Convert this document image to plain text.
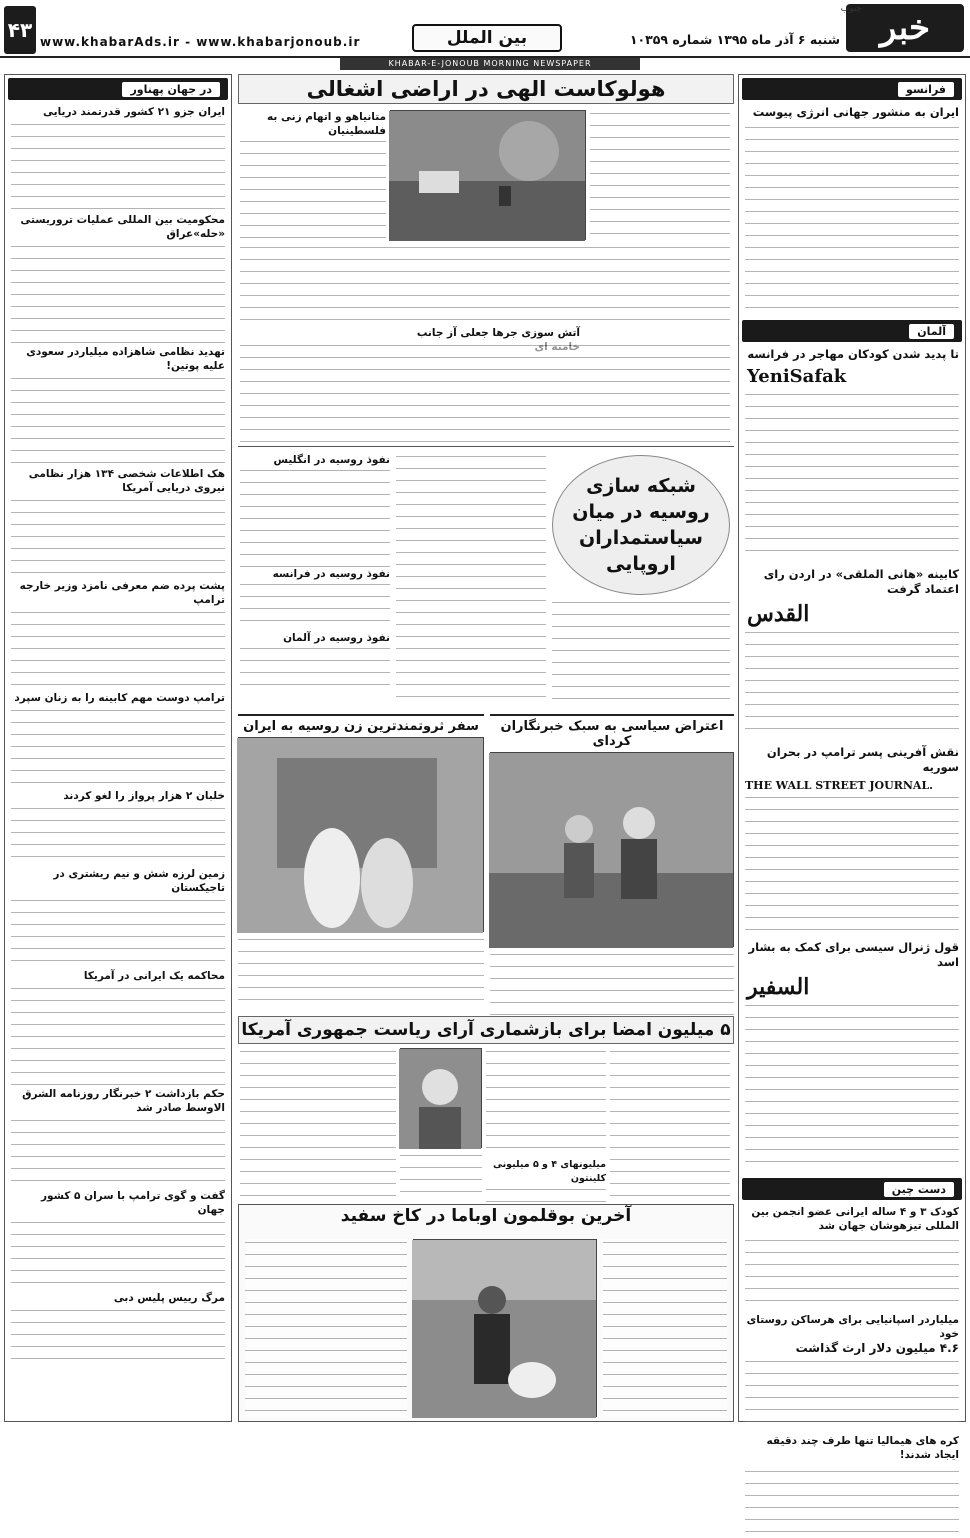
خبر
جنوب
شنبه ۶ آذر ماه ۱۳۹۵ شماره ۱۰۳۵۹
بین الملل
www.khabarAds.ir - www.khabarjonoub.ir
۴۳
KHABAR-E-JONOUB MORNING NEWSPAPER
فرانسو
ایران به منشور جهانی انرژی پیوست
آلمان
تا پدید شدن کودکان مهاجر در فرانسه
YeniSafak
کابینه «هانی الملقی» در اردن رای اعتماد گرفت
القدس
نقش آفرینی پسر ترامپ در بحران سوریه
THE WALL STREET JOURNAL.
قول ژنرال سیسی برای کمک به بشار اسد
السفير
دست چین
کودک ۳ و ۴ ساله ایرانی عضو انجمن بین المللی تیزهوشان جهان شد
میلیاردر اسپانیایی برای هرساکن روستای خود
۴.۶ میلیون دلار ارث گذاشت
کره های هیمالیا تنها طرف چند دقیقه ایجاد شدند!
هولوکاست الهی در اراضی اشغالی
متانیاهو و اتهام زنی به فلسطینیان
آتش سوزی جرها جعلی آز جانب
شبکه سازی روسیه در میان سیاستمداران اروپایی
نفوذ روسیه در انگلیس
نفوذ روسیه در فرانسه
نفوذ روسیه در آلمان
اعتراض سیاسی به سبک خبرنگاران کردای
سفر ثروتمندترین زن روسیه به ایران
۵ میلیون امضا برای بازشماری آرای ریاست جمهوری آمریکا
میلیونهای ۴ و ۵ میلیونی کلینتون
آخرین بوقلمون اوباما در کاخ سفید
در جهان پهناور
ایران جزو ۲۱ کشور قدرتمند دریایی
محکومیت بین المللی عملیات تروریستی «حله»عراق
تهدید نظامی شاهزاده میلیاردر سعودی علیه پوتین!
هک اطلاعات شخصی ۱۳۴ هزار نظامی نیروی دریایی آمریکا
پشت پرده ضم معرفی نامزد وزیر خارجه ترامپ
ترامپ دوست مهم کابینه را به زنان سپرد
خلبان ۲ هزار پرواز را لغو کردند
زمین لرزه شش و نیم ریشتری در تاجیکستان
محاکمه یک ایرانی در آمریکا
حکم بازداشت ۲ خبرنگار روزنامه الشرق الاوسط صادر شد
گفت و گوی ترامپ با سران ۵ کشور جهان
مرگ رییس پلیس دبی
